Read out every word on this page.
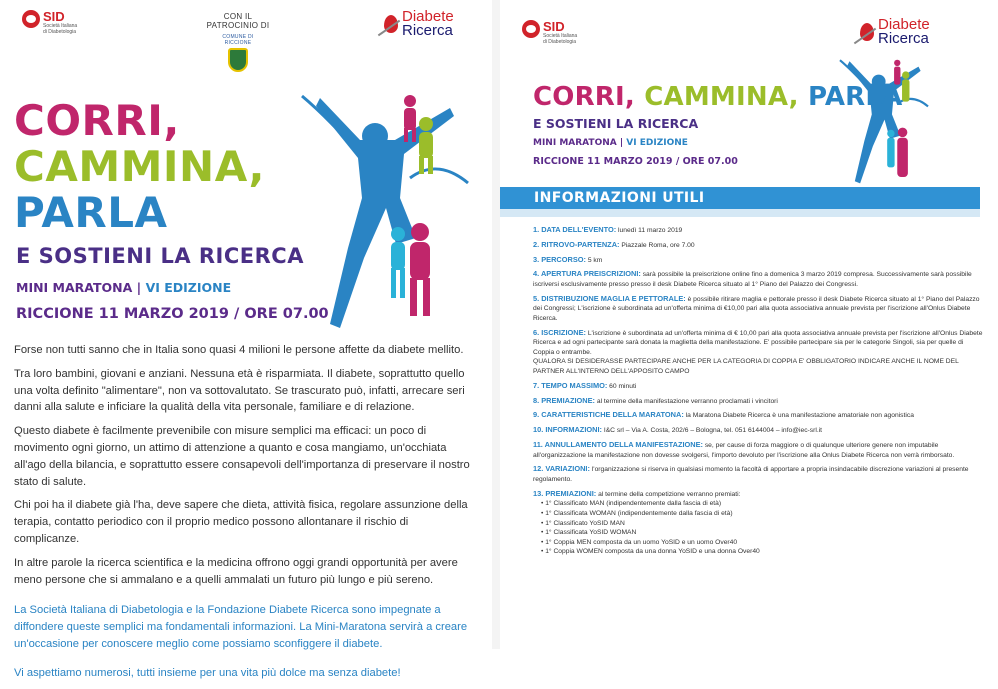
SID
Società Italiana di Diabetologia
CON IL PATROCINIO DI
COMUNE DI RICCIONE
Diabete
Ricerca
CORRI,
CAMMINA,
PARLA
E SOSTIENI LA RICERCA
MINI MARATONA | VI EDIZIONE
RICCIONE 11 MARZO 2019 / ORE 07.00

Forse non tutti sanno che in Italia sono quasi 4 milioni le persone affette da diabete mellito.

Tra loro bambini, giovani e anziani. Nessuna età è risparmiata. Il diabete, soprattutto quello una volta definito "alimentare", non va sottovalutato. Se trascurato può, infatti, arrecare seri danni alla salute e inficiare la qualità della vita personale, familiare e di relazione.

Questo diabete è facilmente prevenibile con misure semplici ma efficaci: un poco di movimento ogni giorno, un attimo di attenzione a quanto e cosa mangiamo, un'occhiata all'ago della bilancia, e soprattutto essere consapevoli dell'importanza di preservare il nostro stato di salute.

Chi poi ha il diabete già l'ha, deve sapere che dieta, attività fisica, regolare assunzione della terapia, contatto periodico con il proprio medico possono allontanare il rischio di complicanze.

In altre parole la ricerca scientifica e la medicina offrono oggi grandi opportunità per avere meno persone che si ammalano e a quelli ammalati un futuro più lungo e più sereno.

La Società Italiana di Diabetologia e la Fondazione Diabete Ricerca sono impegnate a diffondere queste semplici ma fondamentali informazioni. La Mini-Maratona servirà a creare un'occasione per conoscere meglio come possiamo sconfiggere il diabete.

Vi aspettiamo numerosi, tutti insieme per una vita più dolce ma senza diabete!

SID
Società Italiana di Diabetologia
Diabete
Ricerca
CORRI, CAMMINA, PARLA
E SOSTIENI LA RICERCA
MINI MARATONA | VI EDIZIONE
RICCIONE 11 MARZO 2019 / ORE 07.00
INFORMAZIONI UTILI
1. DATA DELL'EVENTO: lunedì 11 marzo 2019
2. RITROVO-PARTENZA: Piazzale Roma, ore 7.00
3. PERCORSO: 5 km
4. APERTURA PREISCRIZIONI: sarà possibile la preiscrizione online fino a domenica 3 marzo 2019 compresa. Successivamente sarà possibile iscriversi esclusivamente presso presso il desk Diabete Ricerca situato al 1° Piano del Palazzo dei Congressi.
5. DISTRIBUZIONE MAGLIA E PETTORALE: è possibile ritirare maglia e pettorale presso il desk Diabete Ricerca situato al 1° Piano del Palazzo dei Congressi; L'iscrizione è subordinata ad un'offerta minima di €10,00 pari alla quota associativa annuale prevista per l'iscrizione all'Onlus Diabete Ricerca.
6. ISCRIZIONE: L'iscrizione è subordinata ad un'offerta minima di € 10,00 pari alla quota associativa annuale prevista per l'iscrizione all'Onlus Diabete Ricerca e ad ogni partecipante sarà donata la maglietta della manifestazione. E' possibile partecipare sia per le categorie Singoli, sia per quelle di Coppia o entrambe.
QUALORA SI DESIDERASSE PARTECIPARE ANCHE PER LA CATEGORIA DI COPPIA E' OBBLIGATORIO INDICARE ANCHE IL NOME DEL PARTNER ALL'INTERNO DELL'APPOSITO CAMPO
7. TEMPO MASSIMO: 60 minuti
8. PREMIAZIONE: al termine della manifestazione verranno proclamati i vincitori
9. CARATTERISTICHE DELLA MARATONA: la Maratona Diabete Ricerca è una manifestazione amatoriale non agonistica
10. INFORMAZIONI: I&C srl – Via A. Costa, 202/6 – Bologna, tel. 051 6144004 – info@iec-srl.it
11. ANNULLAMENTO DELLA MANIFESTAZIONE: se, per cause di forza maggiore o di qualunque ulteriore genere non imputabile all'organizzazione la manifestazione non dovesse svolgersi, l'importo devoluto per l'iscrizione alla Onlus Diabete Ricerca non verrà rimborsato.
12. VARIAZIONI: l'organizzazione si riserva in qualsiasi momento la facoltà di apportare a propria insindacabile discrezione variazioni al presente regolamento.
13. PREMIAZIONI: al termine della competizione verranno premiati:
• 1° Classificato MAN (indipendentemente dalla fascia di età)
• 1° Classificata WOMAN (indipendentemente dalla fascia di età)
• 1° Classificato YoSID MAN
• 1° Classificata YoSID WOMAN
• 1° Coppia MEN composta da un uomo YoSID e un uomo Over40
• 1° Coppia WOMEN composta da una donna YoSID e una donna Over40
